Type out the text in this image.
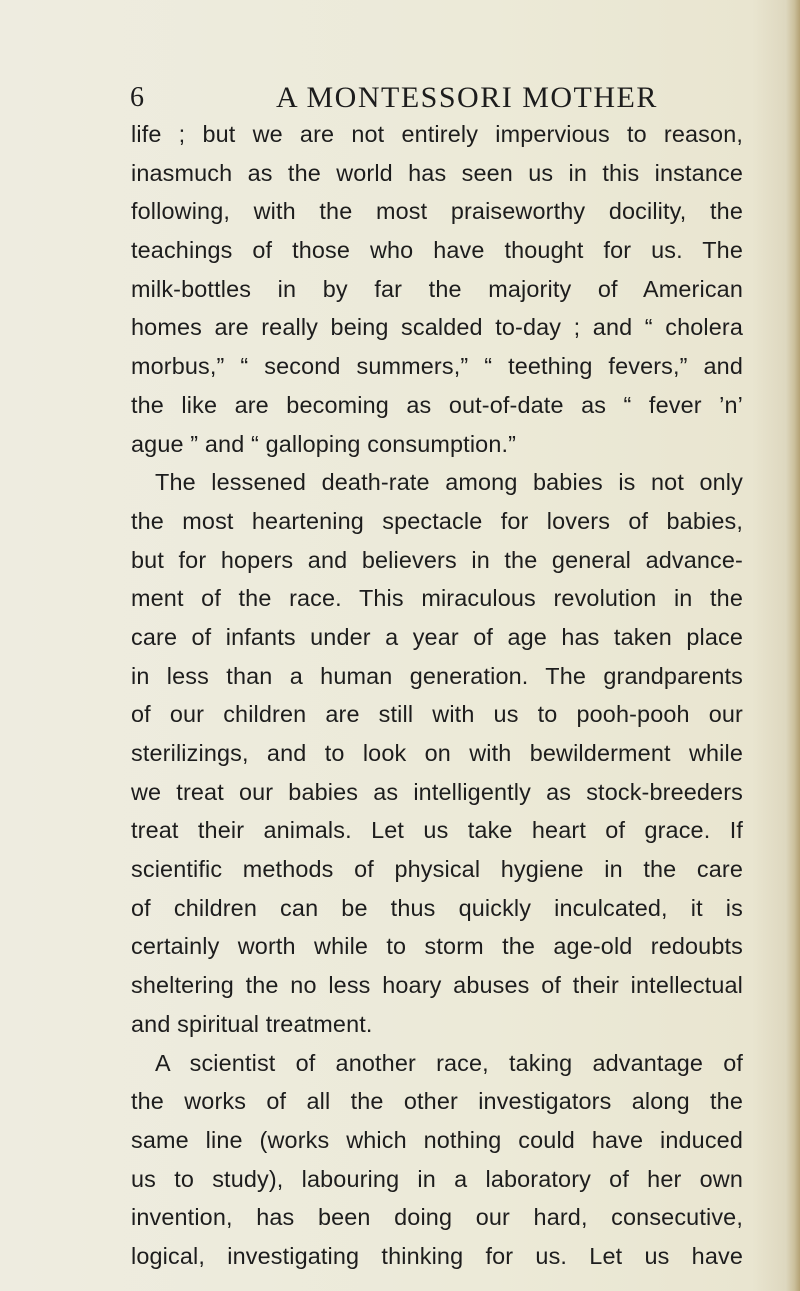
6	A MONTESSORI MOTHER
life ; but we are not entirely impervious to reason,
inasmuch as the world has seen us in this instance
following, with the most praiseworthy docility, the
teachings of those who have thought for us. The
milk-bottles in by far the majority of American
homes are really being scalded to-day ; and “ cholera
morbus,” “ second summers,” “ teething fevers,” and
the like are becoming as out-of-date as “ fever ’n’
ague ” and “ galloping consumption.”
The lessened death-rate among babies is not only
the most heartening spectacle for lovers of babies,
but for hopers and believers in the general advance-
ment of the race. This miraculous revolution in the
care of infants under a year of age has taken place
in less than a human generation. The grandparents
of our children are still with us to pooh-pooh our
sterilizings, and to look on with bewilderment while
we treat our babies as intelligently as stock-breeders
treat their animals. Let us take heart of grace. If
scientific methods of physical hygiene in the care
of children can be thus quickly inculcated, it is
certainly worth while to storm the age-old redoubts
sheltering the no less hoary abuses of their intellectual
and spiritual treatment.
A scientist of another race, taking advantage of
the works of all the other investigators along the
same line (works which nothing could have induced
us to study), labouring in a laboratory of her own
invention, has been doing our hard, consecutive,
logical, investigating thinking for us. Let us have
